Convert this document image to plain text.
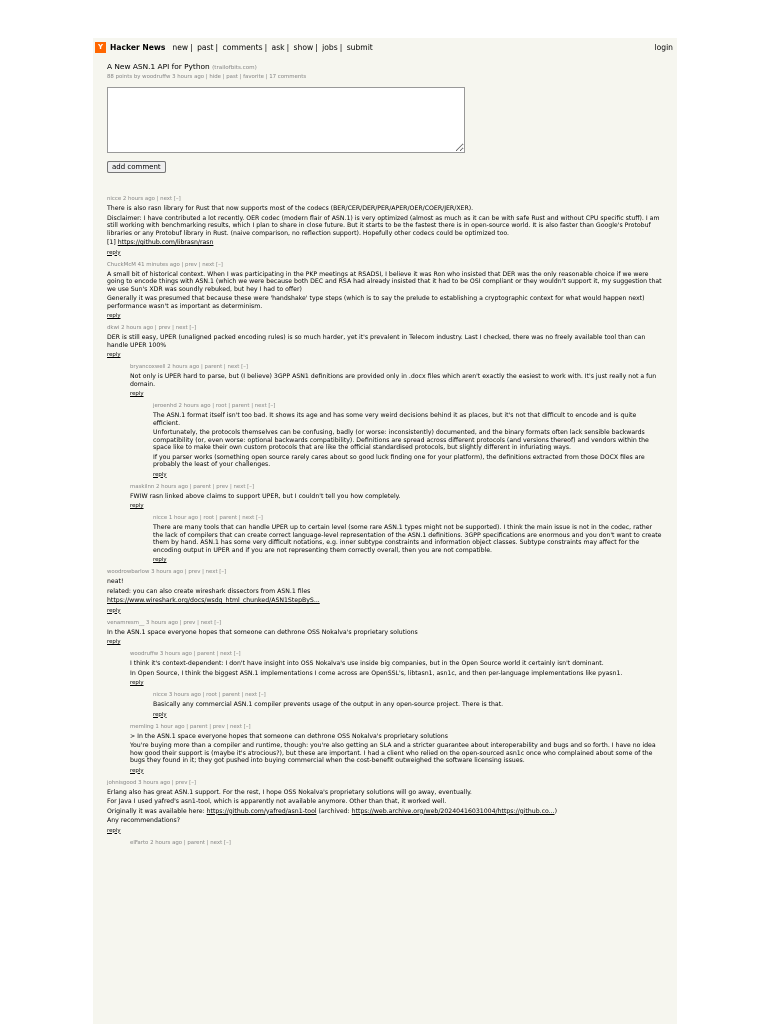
Y Hacker News new | past | comments | ask | show | jobs | submit	login
A New ASN.1 API for Python (trailofbits.com)
88 points by woodruffw 3 hours ago | hide | past | favorite | 17 comments
add comment
nicce 2 hours ago | next [–]

There is also rasn library for Rust that now supports most of the codecs (BER/CER/DER/PER/APER/OER/COER/JER/XER).

Disclaimer: I have contributed a lot recently. OER codec (modern flair of ASN.1) is very optimized (almost as much as it can be with safe Rust and without CPU specific stuff). I am still working with benchmarking results, which I plan to share in close future. But it starts to be the fastest there is in open-source world. It is also faster than Google's Protobuf libraries or any Protobuf library in Rust. (naive comparison, no reflection support). Hopefully other codecs could be optimized too.

[1] https://github.com/librasn/rasn

reply
ChuckMcM 41 minutes ago | prev | next [–]

A small bit of historical context. When I was participating in the PKP meetings at RSADSI, I believe it was Ron who insisted that DER was the only reasonable choice if we were going to encode things with ASN.1 (which we were because both DEC and RSA had already insisted that it had to be OSI compliant or they wouldn't support it, my suggestion that we use Sun's XDR was soundly rebuked, but hey I had to offer)

Generally it was presumed that because these were 'handshake' type steps (which is to say the prelude to establishing a cryptographic context for what would happen next) performance wasn't as important as determinism.

reply
dkwi 2 hours ago | prev | next [–]

DER is still easy, UPER (unaligned packed encoding rules) is so much harder, yet it's prevalent in Telecom industry. Last I checked, there was no freely available tool than can handle UPER 100%

reply
bryancoxwell 2 hours ago | parent | next [–]

Not only is UPER hard to parse, but (I believe) 3GPP ASN1 definitions are provided only in .docx files which aren't exactly the easiest to work with. It's just really not a fun domain.

reply
jeroenhd 2 hours ago | root | parent | next [–]

The ASN.1 format itself isn't too bad. It shows its age and has some very weird decisions behind it as places, but it's not that difficult to encode and is quite efficient.

Unfortunately, the protocols themselves can be confusing, badly (or worse: inconsistently) documented, and the binary formats often lack sensible backwards compatibility (or, even worse: optional backwards compatibility). Definitions are spread across different protocols (and versions thereof) and vendors within the space like to make their own custom protocols that are like the official standardised protocols, but slightly different in infuriating ways.

If you parser works (something open source rarely cares about so good luck finding one for your platform), the definitions extracted from those DOCX files are probably the least of your challenges.

reply
maskilnn 2 hours ago | parent | prev | next [–]

FWIW rasn linked above claims to support UPER, but I couldn't tell you how completely.

reply
nicce 1 hour ago | root | parent | next [–]

There are many tools that can handle UPER up to certain level (some rare ASN.1 types might not be supported). I think the main issue is not in the codec, rather the lack of compilers that can create correct language-level representation of the ASN.1 definitions. 3GPP specifications are enormous and you don't want to create them by hand. ASN.1 has some very difficult notations, e.g. inner subtype constraints and information object classes. Subtype constraints may affect for the encoding output in UPER and if you are not representing them correctly overall, then you are not compatible.

reply
woodrowbarlow 3 hours ago | prev | next [–]

neat!

related: you can also create wireshark dissectors from ASN.1 files

https://www.wireshark.org/docs/wsdg_html_chunked/ASN1StepByS...

reply
venamresm__ 3 hours ago | prev | next [–]

In the ASN.1 space everyone hopes that someone can dethrone OSS Nokalva's proprietary solutions

reply
woodruffw 3 hours ago | parent | next [–]

I think it's context-dependent: I don't have insight into OSS Nokalva's use inside big companies, but in the Open Source world it certainly isn't dominant.

In Open Source, I think the biggest ASN.1 implementations I come across are OpenSSL's, libtasn1, asn1c, and then per-language implementations like pyasn1.

reply
nicce 3 hours ago | root | parent | next [–]

Basically any commercial ASN.1 compiler prevents usage of the output in any open-source project. There is that.

reply
memling 1 hour ago | parent | prev | next [–]

> In the ASN.1 space everyone hopes that someone can dethrone OSS Nokalva's proprietary solutions

You're buying more than a compiler and runtime, though: you're also getting an SLA and a stricter guarantee about interoperability and bugs and so forth. I have no idea how good their support is (maybe it's atrocious?), but these are important. I had a client who relied on the open-sourced asn1c once who complained about some of the bugs they found in it; they got pushed into buying commercial when the cost-benefit outweighed the software licensing issues.

reply
johnisgood 3 hours ago | prev [–]

Erlang also has great ASN.1 support. For the rest, I hope OSS Nokalva's proprietary solutions will go away, eventually.

For Java I used yafred's asn1-tool, which is apparently not available anymore. Other than that, it worked well.

Originally it was available here: https://github.com/yafred/asn1-tool (archived: https://web.archive.org/web/20240416031004/https://github.co...)

Any recommendations?

reply
elFarto 2 hours ago | parent | next [–]
